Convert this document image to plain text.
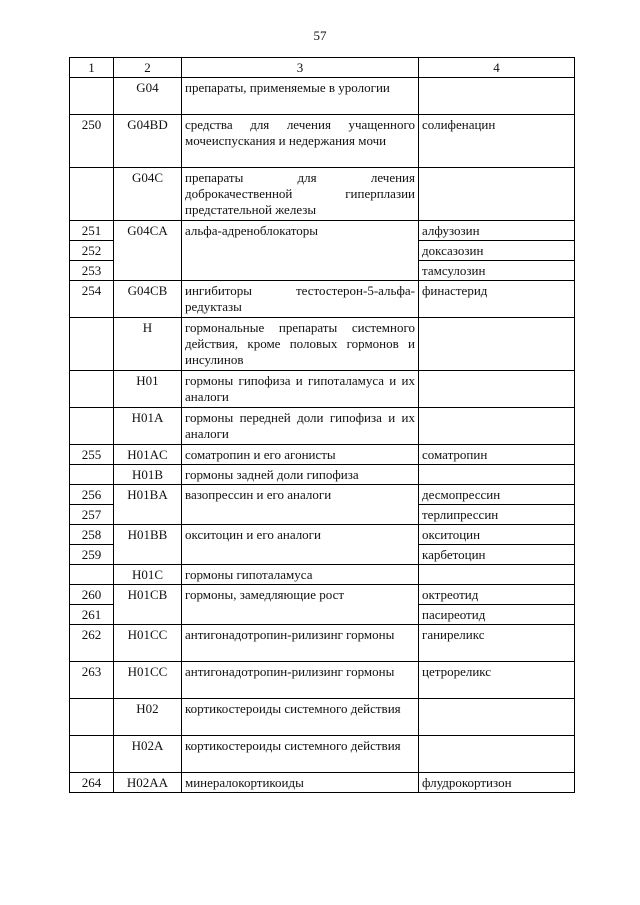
57
1	2	3	4
	G04	препараты, применяемые в урологии	
250	G04BD	средства для лечения учащенного мочеиспускания и недержания мочи	солифенацин
	G04C	препараты для лечения доброкачественной гиперплазии предстательной железы	
251	G04CA	альфа-адреноблокаторы	алфузозин
252			доксазозин
253			тамсулозин
254	G04CB	ингибиторы тестостерон-5-альфа-редуктазы	финастерид
	H	гормональные препараты системного действия, кроме половых гормонов и инсулинов	
	H01	гормоны гипофиза и гипоталамуса и их аналоги	
	H01A	гормоны передней доли гипофиза и их аналоги	
255	H01AC	соматропин и его агонисты	соматропин
	H01B	гормоны задней доли гипофиза	
256	H01BA	вазопрессин и его аналоги	десмопрессин
257			терлипрессин
258	H01BB	окситоцин и его аналоги	окситоцин
259			карбетоцин
	H01C	гормоны гипоталамуса	
260	H01CB	гормоны, замедляющие рост	октреотид
261			пасиреотид
262	H01CC	антигонадотропин-рилизинг гормоны	ганиреликс
263	H01CC	антигонадотропин-рилизинг гормоны	цетрореликс
	H02	кортикостероиды системного действия	
	H02A	кортикостероиды системного действия	
264	H02AA	минералокортикоиды	флудрокортизон
